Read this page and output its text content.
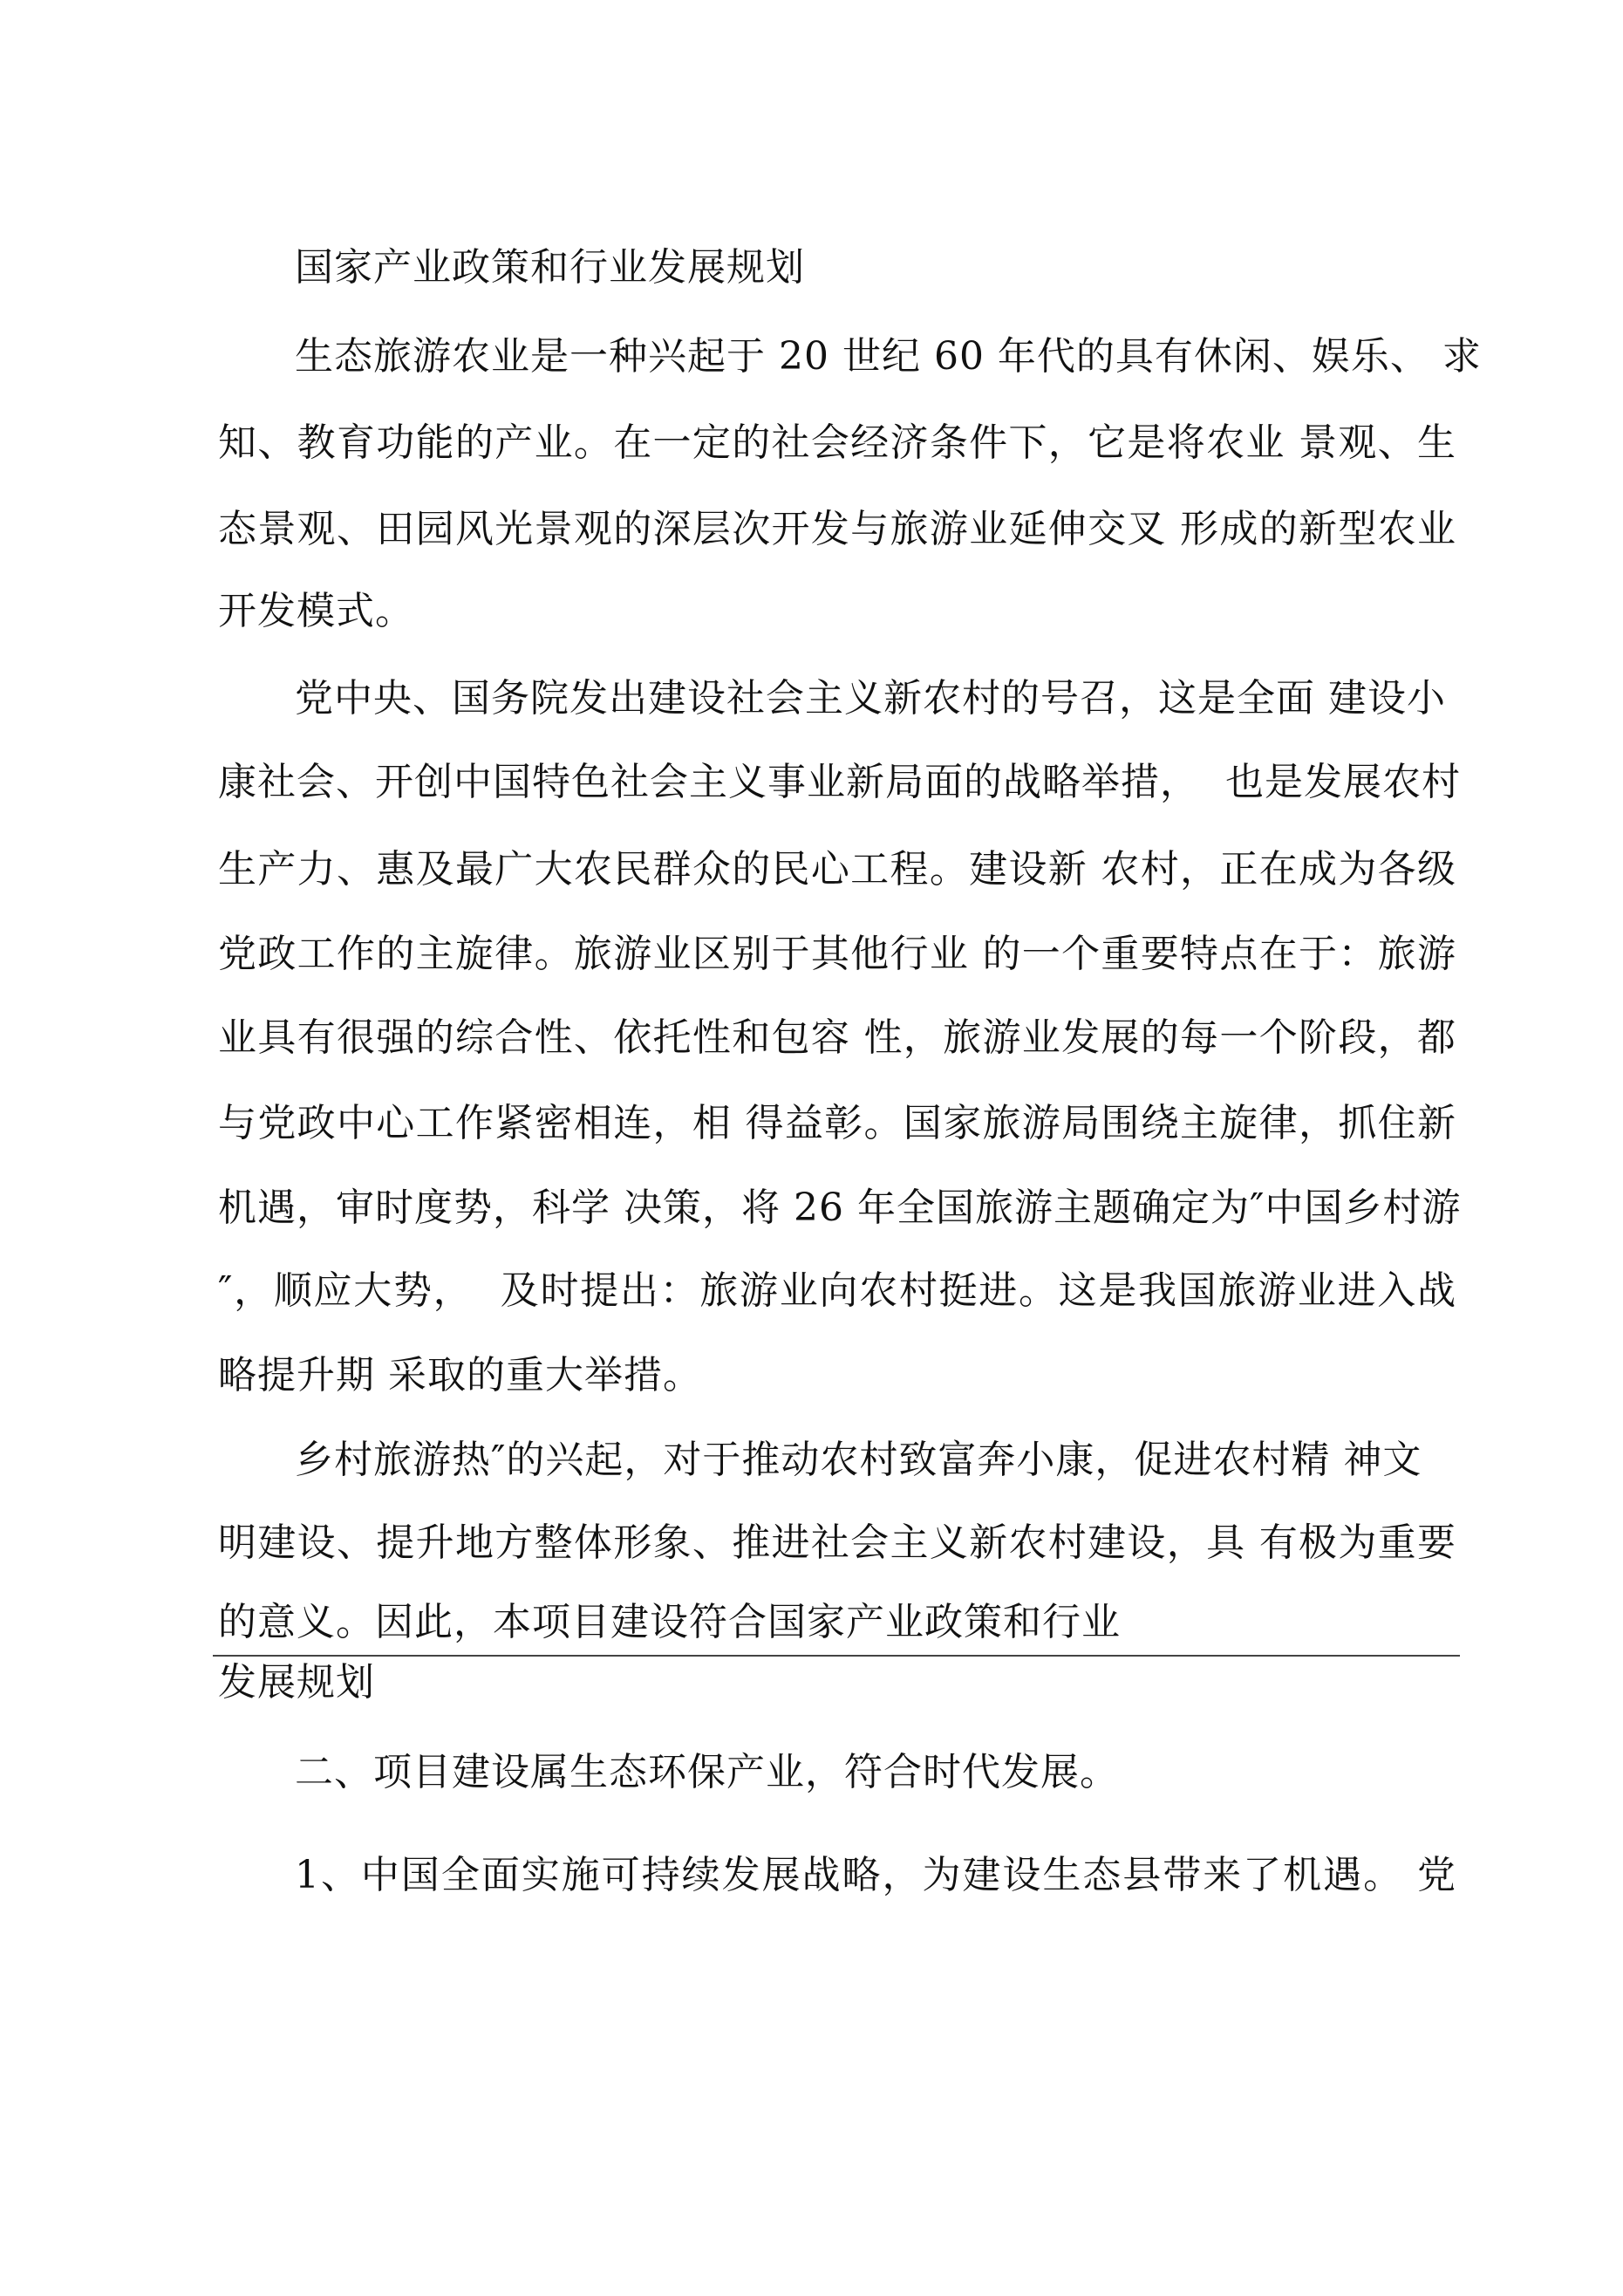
国家产业政策和行业发展规划
生态旅游农业是一种兴起于 20 世纪 60 年代的具有休闲、娱乐、 求
知、教育功能的产业。在一定的社会经济条件下，它是将农业 景观、生
态景观、田园风光景观的深层次开发与旅游业延伸交叉 形成的新型农业
开发模式。
党中央、国务院发出建设社会主义新农村的号召，这是全面 建设小
康社会、开创中国特色社会主义事业新局面的战略举措，  也是发展农村
生产力、惠及最广大农民群众的民心工程。建设新 农村，正在成为各级
党政工作的主旋律。旅游业区别于其他行业 的一个重要特点在于：旅游
业具有很强的综合性、依托性和包容 性，旅游业发展的每一个阶段，都
与党政中心工作紧密相连，相 得益彰。国家旅游局围绕主旋律，抓住新
机遇，审时度势，科学 决策，将 26 年全国旅游主题确定为″中国乡村游
″，顺应大势，  及时提出：旅游业向农村挺进。这是我国旅游业进入战
略提升期 采取的重大举措。
乡村旅游热″的兴起，对于推动农村致富奔小康，促进农村精 神文
明建设、提升地方整体形象、推进社会主义新农村建设，具 有极为重要
的意义。因此，本项目建设符合国家产业政策和行业
发展规划
二、项目建设属生态环保产业，符合时代发展。
1、中国全面实施可持续发展战略，为建设生态县带来了机遇。 党
